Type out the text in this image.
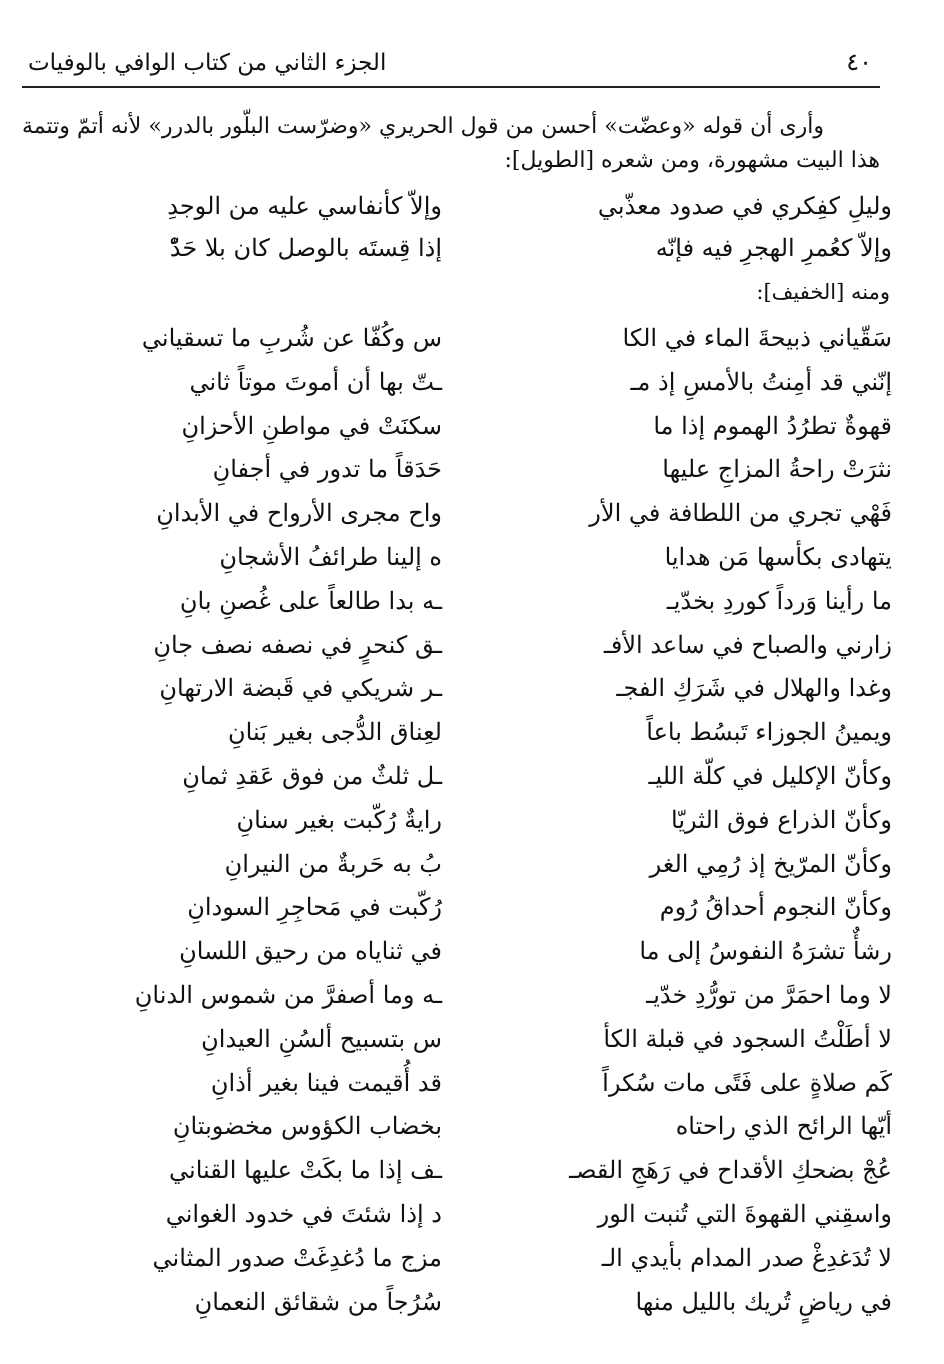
الجزء الثاني من كتاب الوافي بالوفيات	٤٠
وأرى أن قوله «وعضّت» أحسن من قول الحريري «وضرّست البلّور بالدرر» لأنه أتمّ وتتمة هذا البيت مشهورة، ومن شعره [الطويل]:
ومنه [الخفيف]:
وليلِ كفِكري في صدود معذّبي
وإلاّ كأنفاسي عليه من الوجدِ
وإلاّ كعُمرِ الهجرِ فيه فإنّه
إذا قِستَه بالوصل كان بلا حَدّْ
سَقّياني ذبيحةَ الماء في الكا
س وكُفّا عن شُربِ ما تسقياني
إنّني قد أمِنتُ بالأمسِ إذ مـ
ـتّ بها أن أموتَ موتاً ثاني
قهوةٌ تطرُدُ الهموم إذا ما
سكنَتْ في مواطنِ الأحزانِ
نثرَتْ راحةُ المزاجِ عليها
حَدَقاً ما تدور في أجفانِ
فَهْي تجري من اللطافة في الأر
واح مجرى الأرواح في الأبدانِ
يتهادى بكأسها مَن هدايا
ه إلينا طرائفُ الأشجانِ
ما رأينا وَرداً كوردِ بخدّيـ
ـه بدا طالعاً على غُصنِ بانِ
زارني والصباح في ساعد الأفـ
ـق كنحرٍ في نصفه نصف جانِ
وغدا والهلال في شَرَكِ الفجـ
ـر شريكي في قَبضة الارتهانِ
ويمينُ الجوزاء تَبسُط باعاً
لعِناق الدُّجى بغير بَنانِ
وكأنّ الإكليل في كلّة الليـ
ـل ثلثٌ من فوق عَقدِ ثمانِ
وكأنّ الذراع فوق الثريّا
رايةٌ رُكّبت بغير سنانِ
وكأنّ المرّيخ إذ رُمِي الغر
بُ به حَربةٌ من النيرانِ
وكأنّ النجوم أحداقُ رُوم
رُكّبت في مَحاجِرِ السودانِ
رشأٌ تشرَهُ النفوسُ إلى ما
في ثناياه من رحيق اللسانِ
لا وما احمَرَّ من تورُّدِ خدّيـ
ـه وما أصفرَّ من شموس الدنانِ
لا أطَلْتُ السجود في قبلة الكأ
س بتسبيح ألسُنِ العيدانِ
كَم صلاةٍ على فَتًى مات سُكراً
قد أُقيمت فينا بغير أذانِ
أيّها الرائح الذي راحتاه
بخضاب الكؤوس مخضوبتانِ
عُجْ بضحكِ الأقداح في رَهَجِ القصـ
ـف إذا ما بكَتْ عليها القناني
واسقِني القهوةَ التي تُنبت الور
د إذا شئتَ في خدود الغواني
لا تُدَغدِغْ صدر المدام بأيدي الـ
مزج ما دُغدِغَتْ صدور المثاني
في رياضٍ تُريك بالليل منها
سُرُجاً من شقائق النعمانِ
